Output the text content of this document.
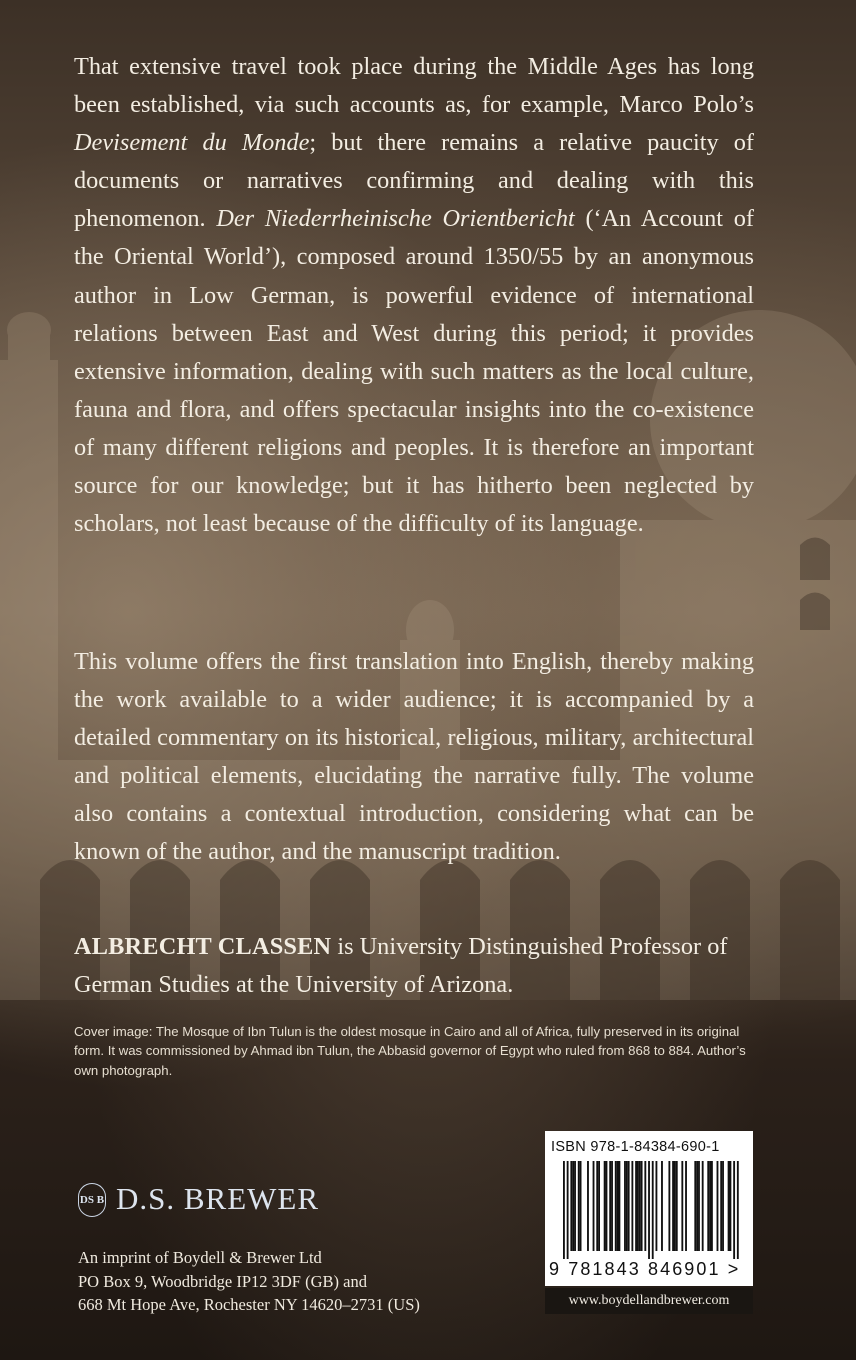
That extensive travel took place during the Middle Ages has long been established, via such accounts as, for example, Marco Polo’s Devisement du Monde; but there remains a relative paucity of documents or narratives confirming and dealing with this phenomenon. Der Niederrheinische Orientbericht (‘An Account of the Oriental World’), composed around 1350/55 by an anonymous author in Low German, is powerful evidence of international relations between East and West during this period; it provides extensive information, dealing with such matters as the local culture, fauna and flora, and offers spectacular insights into the co-existence of many different religions and peoples. It is therefore an important source for our knowledge; but it has hitherto been neglected by scholars, not least because of the difficulty of its language.

This volume offers the first translation into English, thereby making the work available to a wider audience; it is accompanied by a detailed commentary on its historical, religious, military, architectural and political elements, elucidating the narrative fully. The volume also contains a contextual introduction, considering what can be known of the author, and the manuscript tradition.

ALBRECHT CLASSEN is University Distinguished Professor of German Studies at the University of Arizona.

Cover image: The Mosque of Ibn Tulun is the oldest mosque in Cairo and all of Africa, fully preserved in its original form. It was commissioned by Ahmad ibn Tulun, the Abbasid governor of Egypt who ruled from 868 to 884. Author’s own photograph.

DS B D.S. BREWER
An imprint of Boydell & Brewer Ltd
PO Box 9, Woodbridge IP12 3DF (GB) and
668 Mt Hope Ave, Rochester NY 14620–2731 (US)
ISBN 978-1-84384-690-1
9 781843 846901 >
www.boydellandbrewer.com
